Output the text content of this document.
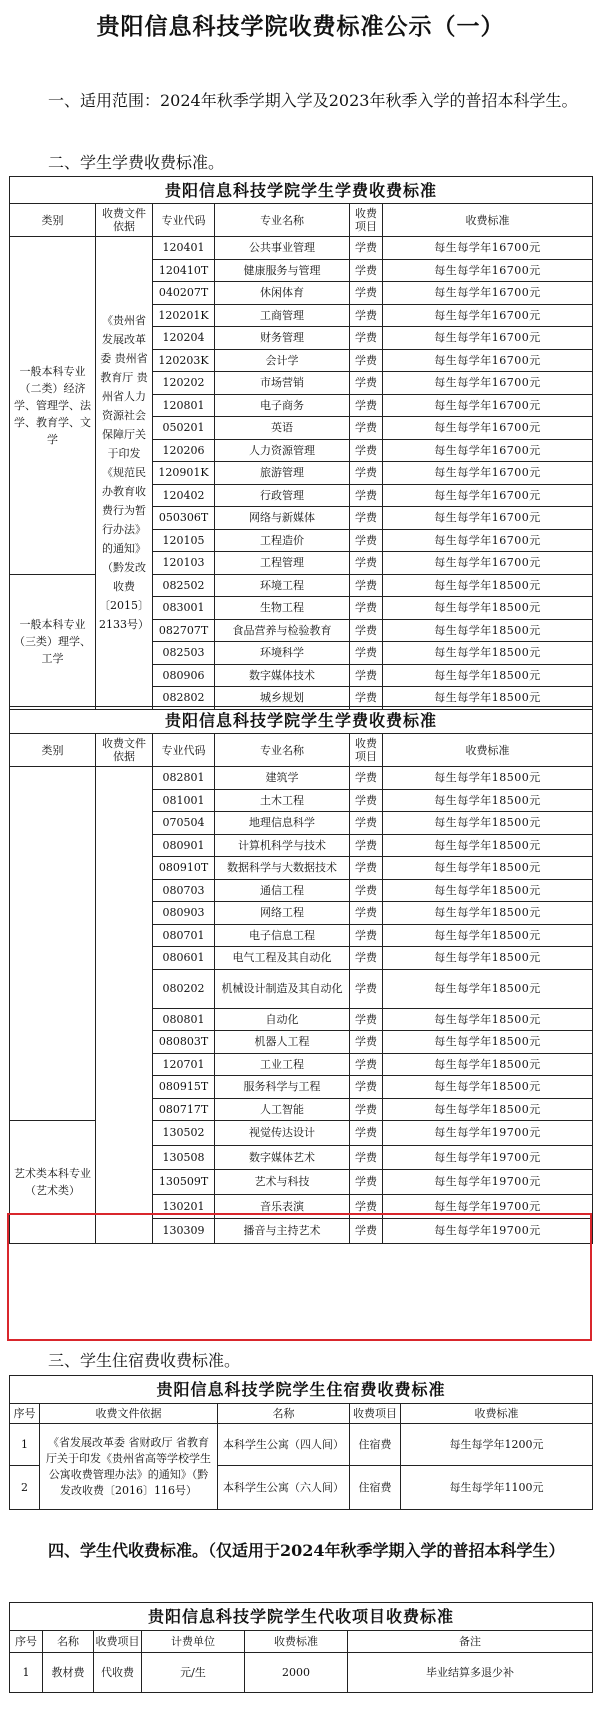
贵阳信息科技学院收费标准公示（一）
一、适用范围：2024年秋季学期入学及2023年秋季入学的普招本科学生。
二、学生学费收费标准。
贵阳信息科技学院学生学费收费标准					
类别	收费文件依据	专业代码	专业名称	收费项目	收费标准
一般本科专业（二类）经济学、管理学、法学、教育学、文学	《贵州省发展改革委 贵州省教育厅 贵州省人力资源社会保障厅关于印发《规范民办教育收费行为暂行办法》的通知》（黔发改收费〔2015〕2133号）	120401	公共事业管理	学费	每生每学年16700元
		120410T	健康服务与管理	学费	每生每学年16700元
		040207T	休闲体育	学费	每生每学年16700元
		120201K	工商管理	学费	每生每学年16700元
		120204	财务管理	学费	每生每学年16700元
		120203K	会计学	学费	每生每学年16700元
		120202	市场营销	学费	每生每学年16700元
		120801	电子商务	学费	每生每学年16700元
		050201	英语	学费	每生每学年16700元
		120206	人力资源管理	学费	每生每学年16700元
		120901K	旅游管理	学费	每生每学年16700元
		120402	行政管理	学费	每生每学年16700元
		050306T	网络与新媒体	学费	每生每学年16700元
		120105	工程造价	学费	每生每学年16700元
		120103	工程管理	学费	每生每学年16700元
一般本科专业（三类）理学、工学		082502	环境工程	学费	每生每学年18500元
		083001	生物工程	学费	每生每学年18500元
		082707T	食品营养与检验教育	学费	每生每学年18500元
		082503	环境科学	学费	每生每学年18500元
		080906	数字媒体技术	学费	每生每学年18500元
		082802	城乡规划	学费	每生每学年18500元
贵阳信息科技学院学生学费收费标准					
类别	收费文件依据	专业代码	专业名称	收费项目	收费标准
		082801	建筑学	学费	每生每学年18500元
		081001	土木工程	学费	每生每学年18500元
		070504	地理信息科学	学费	每生每学年18500元
		080901	计算机科学与技术	学费	每生每学年18500元
		080910T	数据科学与大数据技术	学费	每生每学年18500元
		080703	通信工程	学费	每生每学年18500元
		080903	网络工程	学费	每生每学年18500元
		080701	电子信息工程	学费	每生每学年18500元
		080601	电气工程及其自动化	学费	每生每学年18500元
		080202	机械设计制造及其自动化	学费	每生每学年18500元
		080801	自动化	学费	每生每学年18500元
		080803T	机器人工程	学费	每生每学年18500元
		120701	工业工程	学费	每生每学年18500元
		080915T	服务科学与工程	学费	每生每学年18500元
		080717T	人工智能	学费	每生每学年18500元
艺术类本科专业（艺术类）		130502	视觉传达设计	学费	每生每学年19700元
		130508	数字媒体艺术	学费	每生每学年19700元
		130509T	艺术与科技	学费	每生每学年19700元
		130201	音乐表演	学费	每生每学年19700元
		130309	播音与主持艺术	学费	每生每学年19700元
三、学生住宿费收费标准。
贵阳信息科技学院学生住宿费收费标准				
序号	收费文件依据	名称	收费项目	收费标准
1	《省发展改革委 省财政厅 省教育厅关于印发《贵州省高等学校学生公寓收费管理办法》的通知》（黔发改收费〔2016〕116号）	本科学生公寓（四人间）	住宿费	每生每学年1200元
2		本科学生公寓（六人间）	住宿费	每生每学年1100元
四、学生代收费标准。（仅适用于2024年秋季学期入学的普招本科学生）
贵阳信息科技学院学生代收项目收费标准					
序号	名称	收费项目	计费单位	收费标准	备注
1	教材费	代收费	元/生	2000	毕业结算多退少补
